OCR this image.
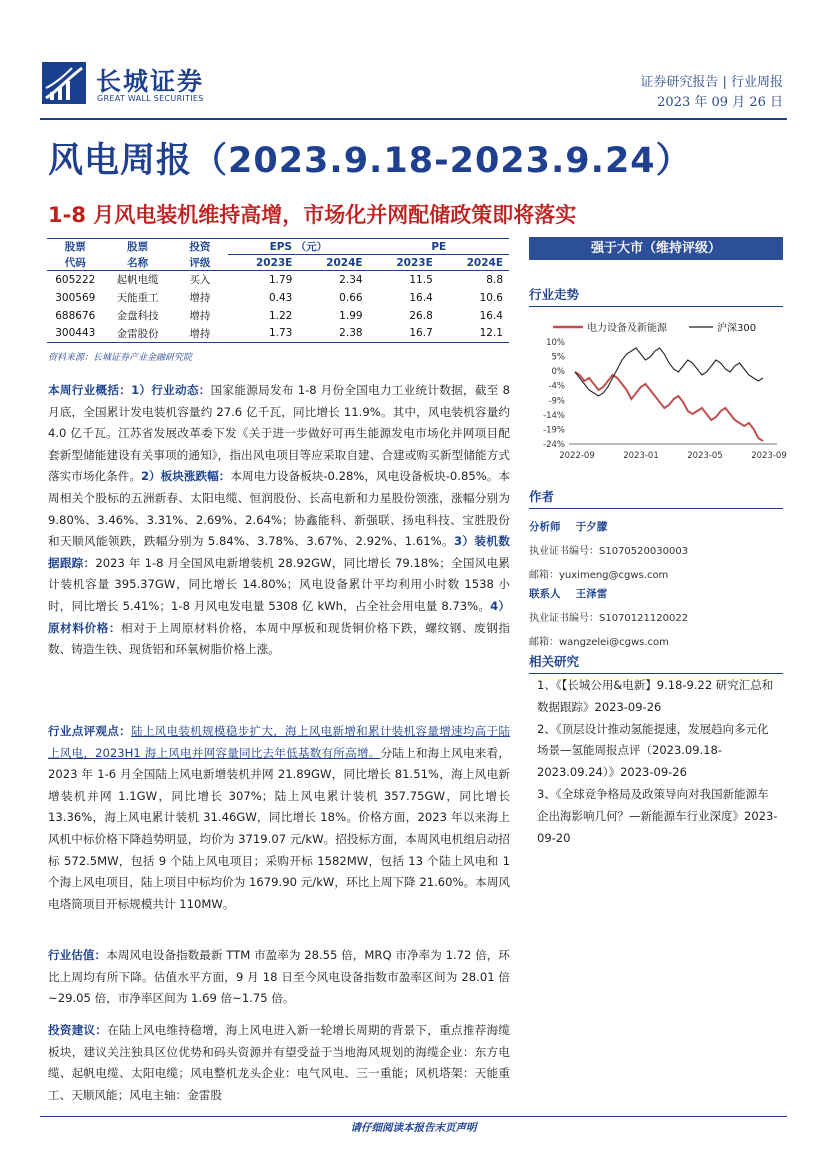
长城证券
GREAT WALL SECURITIES
证券研究报告 | 行业周报
2023 年 09 月 26 日
风电周报（2023.9.18-2023.9.24）
1-8 月风电装机维持高增，市场化并网配储政策即将落实
股票	股票	投资	EPS （元）		PE	
代码	名称	评级	2023E	2024E	2023E	2024E
605222	起帆电缆	买入	1.79	2.34	11.5	8.8
300569	天能重工	增持	0.43	0.66	16.4	10.6
688676	金盘科技	增持	1.22	1.99	26.8	16.4
300443	金雷股份	增持	1.73	2.38	16.7	12.1
资料来源：长城证券产业金融研究院
本周行业概括：1）行业动态：国家能源局发布 1-8 月份全国电力工业统计数据，截至 8 月底，全国累计发电装机容量约 27.6 亿千瓦，同比增长 11.9%。其中，风电装机容量约 4.0 亿千瓦。江苏省发展改革委下发《关于进一步做好可再生能源发电市场化并网项目配套新型储能建设有关事项的通知》，指出风电项目等应采取自建、合建或购买新型储能方式落实市场化条件。2）板块涨跌幅：本周电力设备板块-0.28%，风电设备板块-0.85%。本周相关个股标的五洲新春、太阳电缆、恒润股份、长高电新和力星股份领涨，涨幅分别为 9.80%、3.46%、3.31%、2.69%、2.64%；协鑫能科、新强联、扬电科技、宝胜股份和天顺风能领跌，跌幅分别为 5.84%、3.78%、3.67%、2.92%、1.61%。3）装机数据跟踪：2023 年 1-8 月全国风电新增装机 28.92GW，同比增长 79.18%；全国风电累计装机容量 395.37GW，同比增长 14.80%；风电设备累计平均利用小时数 1538 小时，同比增长 5.41%；1-8 月风电发电量 5308 亿 kWh，占全社会用电量 8.73%。4）原材料价格：相对于上周原材料价格，本周中厚板和现货铜价格下跌，螺纹钢、废钢指数、铸造生铁、现货铝和环氧树脂价格上涨。
行业点评观点：陆上风电装机规模稳步扩大，海上风电新增和累计装机容量增速均高于陆上风电，2023H1 海上风电并网容量同比去年低基数有所高增。分陆上和海上风电来看，2023 年 1-6 月全国陆上风电新增装机并网 21.89GW，同比增长 81.51%，海上风电新增装机并网 1.1GW，同比增长 307%；陆上风电累计装机 357.75GW，同比增长 13.36%，海上风电累计装机 31.46GW，同比增长 18%。价格方面，2023 年以来海上风机中标价格下降趋势明显，均价为 3719.07 元/kW。招投标方面，本周风电机组启动招标 572.5MW，包括 9 个陆上风电项目；采购开标 1582MW，包括 13 个陆上风电和 1 个海上风电项目，陆上项目中标均价为 1679.90 元/kW，环比上周下降 21.60%。本周风电塔筒项目开标规模共计 110MW。
行业估值：本周风电设备指数最新 TTM 市盈率为 28.55 倍，MRQ 市净率为 1.72 倍，环比上周均有所下降。估值水平方面，9 月 18 日至今风电设备指数市盈率区间为 28.01 倍~29.05 倍，市净率区间为 1.69 倍~1.75 倍。
投资建议：在陆上风电维持稳增，海上风电进入新一轮增长周期的背景下，重点推荐海缆板块，建议关注独具区位优势和码头资源并有望受益于当地海风规划的海缆企业：东方电缆、起帆电缆、太阳电缆；风电整机龙头企业：电气风电、三一重能；风机塔架：天能重工、天顺风能；风电主轴：金雷股
强于大市（维持评级）
行业走势
10%
5%
0%
-4%
-9%
-14%
-19%
-24%
2022-09	2023-01	2023-05	2023-09
电力设备及新能源	沪深300
作者
分析师 于夕朦
执业证书编号：S1070520030003
邮箱：yuximeng@cgws.com
联系人 王泽雷
执业证书编号：S1070121120022
邮箱：wangzelei@cgws.com
相关研究
1、《【长城公用&电新】9.18-9.22 研究汇总和数据跟踪》2023-09-26
2、《顶层设计推动氢能提速，发展趋向多元化场景—氢能周报点评（2023.09.18-2023.09.24）》2023-09-26
3、《全球竞争格局及政策导向对我国新能源车企出海影响几何？—新能源车行业深度》2023-09-20
请仔细阅读本报告末页声明
